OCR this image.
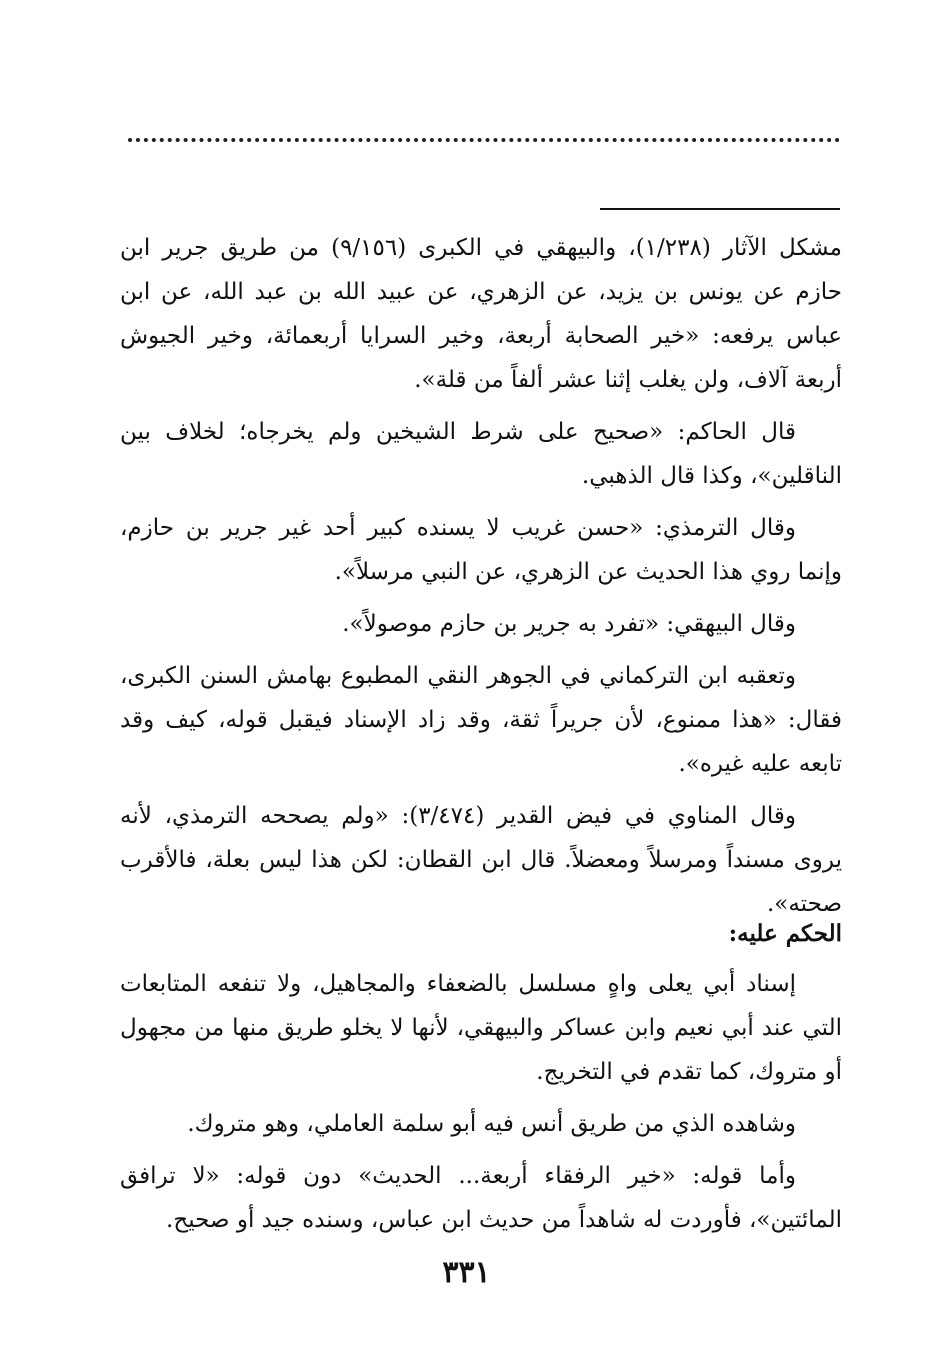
مشكل الآثار (١/٢٣٨)، والبيهقي في الكبرى (٩/١٥٦) من طريق جرير ابن حازم عن يونس بن يزيد، عن الزهري، عن عبيد الله بن عبد الله، عن ابن عباس يرفعه: «خير الصحابة أربعة، وخير السرايا أربعمائة، وخير الجيوش أربعة آلاف، ولن يغلب إثنا عشر ألفاً من قلة».

قال الحاكم: «صحيح على شرط الشيخين ولم يخرجاه؛ لخلاف بين الناقلين»، وكذا قال الذهبي.

وقال الترمذي: «حسن غريب لا يسنده كبير أحد غير جرير بن حازم، وإنما روي هذا الحديث عن الزهري، عن النبي مرسلاً».

وقال البيهقي: «تفرد به جرير بن حازم موصولاً».

وتعقبه ابن التركماني في الجوهر النقي المطبوع بهامش السنن الكبرى، فقال: «هذا ممنوع، لأن جريراً ثقة، وقد زاد الإسناد فيقبل قوله، كيف وقد تابعه عليه غيره».

وقال المناوي في فيض القدير (٣/٤٧٤): «ولم يصححه الترمذي، لأنه يروى مسنداً ومرسلاً ومعضلاً. قال ابن القطان: لكن هذا ليس بعلة، فالأقرب صحته».

الحكم عليه:

إسناد أبي يعلى واهٍ مسلسل بالضعفاء والمجاهيل، ولا تنفعه المتابعات التي عند أبي نعيم وابن عساكر والبيهقي، لأنها لا يخلو طريق منها من مجهول أو متروك، كما تقدم في التخريج.

وشاهده الذي من طريق أنس فيه أبو سلمة العاملي، وهو متروك.

وأما قوله: «خير الرفقاء أربعة... الحديث» دون قوله: «لا ترافق المائتين»، فأوردت له شاهداً من حديث ابن عباس، وسنده جيد أو صحيح.

٣٣١
